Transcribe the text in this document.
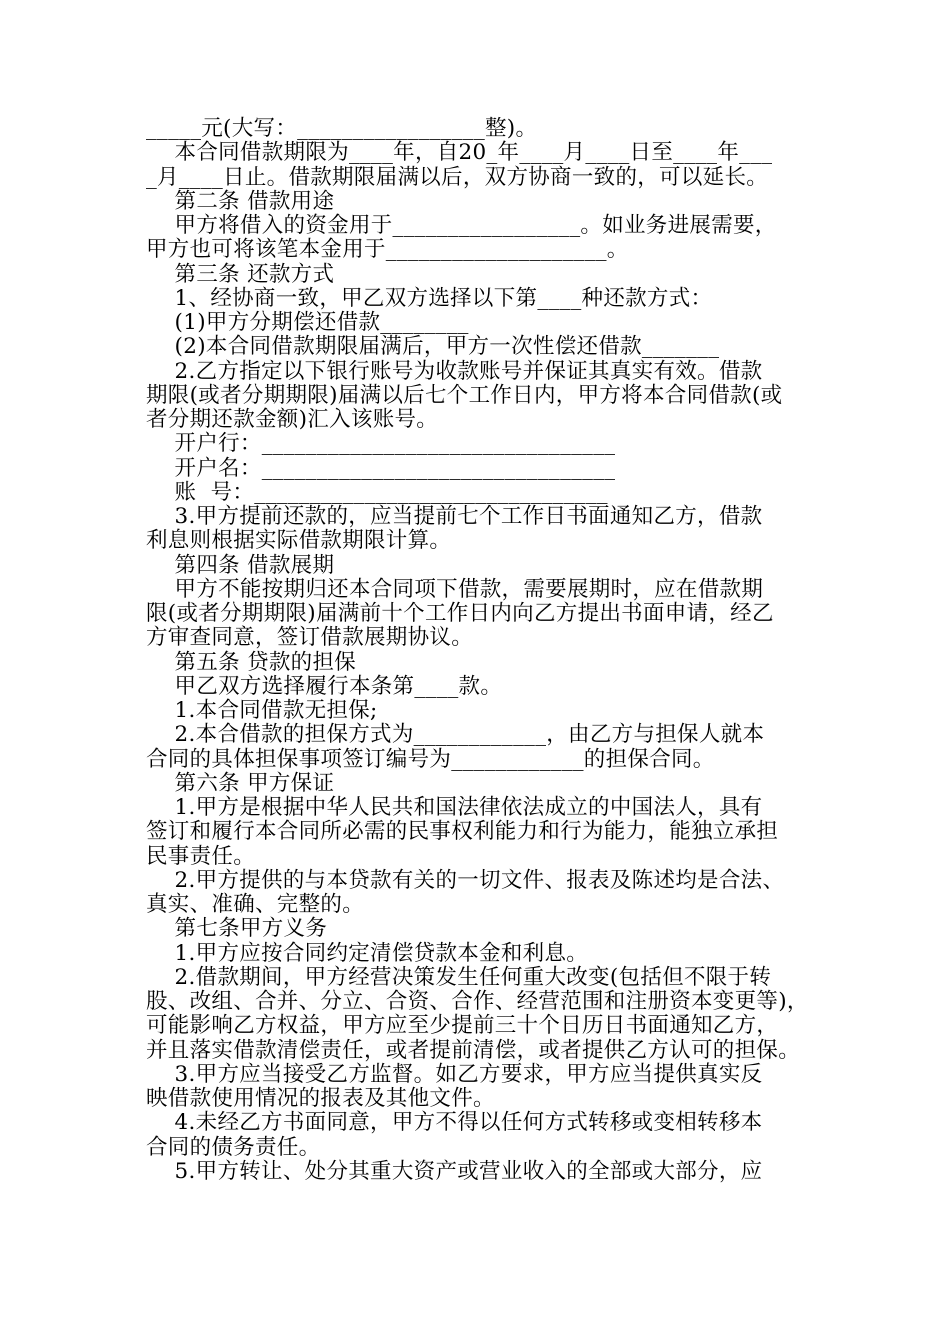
_____元(大写：_________________整)。
本合同借款期限为____年，自20_年____月____日至____年___
_月____日止。借款期限届满以后，双方协商一致的，可以延长。
第二条 借款用途
甲方将借入的资金用于_________________。如业务进展需要，
甲方也可将该笔本金用于____________________。
第三条 还款方式
1、经协商一致，甲乙双方选择以下第____种还款方式：
(1)甲方分期偿还借款________
(2)本合同借款期限届满后，甲方一次性偿还借款_______
2.乙方指定以下银行账号为收款账号并保证其真实有效。借款
期限(或者分期期限)届满以后七个工作日内，甲方将本合同借款(或
者分期还款金额)汇入该账号。
开户行：________________________________
开户名：________________________________
账  号：________________________________
3.甲方提前还款的，应当提前七个工作日书面通知乙方，借款
利息则根据实际借款期限计算。
第四条 借款展期
甲方不能按期归还本合同项下借款，需要展期时，应在借款期
限(或者分期期限)届满前十个工作日内向乙方提出书面申请，经乙
方审查同意，签订借款展期协议。
第五条 贷款的担保
甲乙双方选择履行本条第____款。
1.本合同借款无担保;
2.本合借款的担保方式为____________，由乙方与担保人就本
合同的具体担保事项签订编号为____________的担保合同。
第六条 甲方保证
1.甲方是根据中华人民共和国法律依法成立的中国法人，具有
签订和履行本合同所必需的民事权利能力和行为能力，能独立承担
民事责任。
2.甲方提供的与本贷款有关的一切文件、报表及陈述均是合法、
真实、准确、完整的。
第七条甲方义务
1.甲方应按合同约定清偿贷款本金和利息。
2.借款期间，甲方经营决策发生任何重大改变(包括但不限于转
股、改组、合并、分立、合资、合作、经营范围和注册资本变更等)，
可能影响乙方权益，甲方应至少提前三十个日历日书面通知乙方，
并且落实借款清偿责任，或者提前清偿，或者提供乙方认可的担保。
3.甲方应当接受乙方监督。如乙方要求，甲方应当提供真实反
映借款使用情况的报表及其他文件。
4.未经乙方书面同意，甲方不得以任何方式转移或变相转移本
合同的债务责任。
5.甲方转让、处分其重大资产或营业收入的全部或大部分，应
